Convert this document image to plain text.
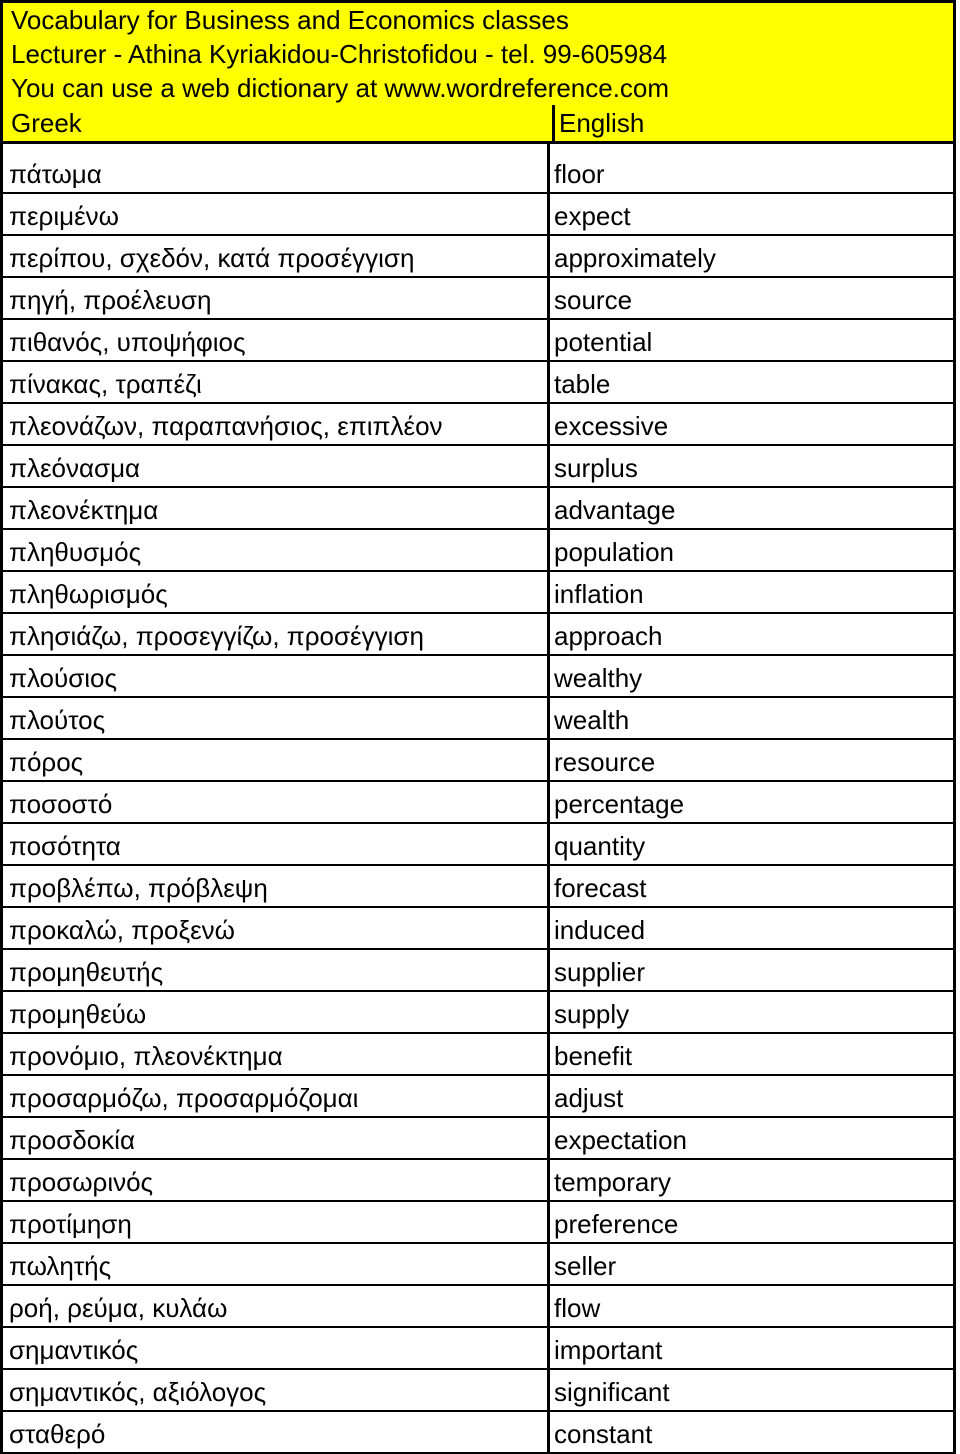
Vocabulary for Business and Economics classes
Lecturer - Athina Kyriakidou-Christofidou - tel. 99-605984
You can use a web dictionary at www.wordreference.com
Greek	English
πάτωμα	floor
περιμένω	expect
περίπου, σχεδόν, κατά προσέγγιση	approximately
πηγή, προέλευση	source
πιθανός, υποψήφιος	potential
πίνακας, τραπέζι	table
πλεονάζων, παραπανήσιος, επιπλέον	excessive
πλεόνασμα	surplus
πλεονέκτημα	advantage
πληθυσμός	population
πληθωρισμός	inflation
πλησιάζω, προσεγγίζω, προσέγγιση	approach
πλούσιος	wealthy
πλούτος	wealth
πόρος	resource
ποσοστό	percentage
ποσότητα	quantity
προβλέπω, πρόβλεψη	forecast
προκαλώ, προξενώ	induced
προμηθευτής	supplier
προμηθεύω	supply
προνόμιο, πλεονέκτημα	benefit
προσαρμόζω, προσαρμόζομαι	adjust
προσδοκία	expectation
προσωρινός	temporary
προτίμηση	preference
πωλητής	seller
ροή, ρεύμα, κυλάω	flow
σημαντικός	important
σημαντικός, αξιόλογος	significant
σταθερό	constant
